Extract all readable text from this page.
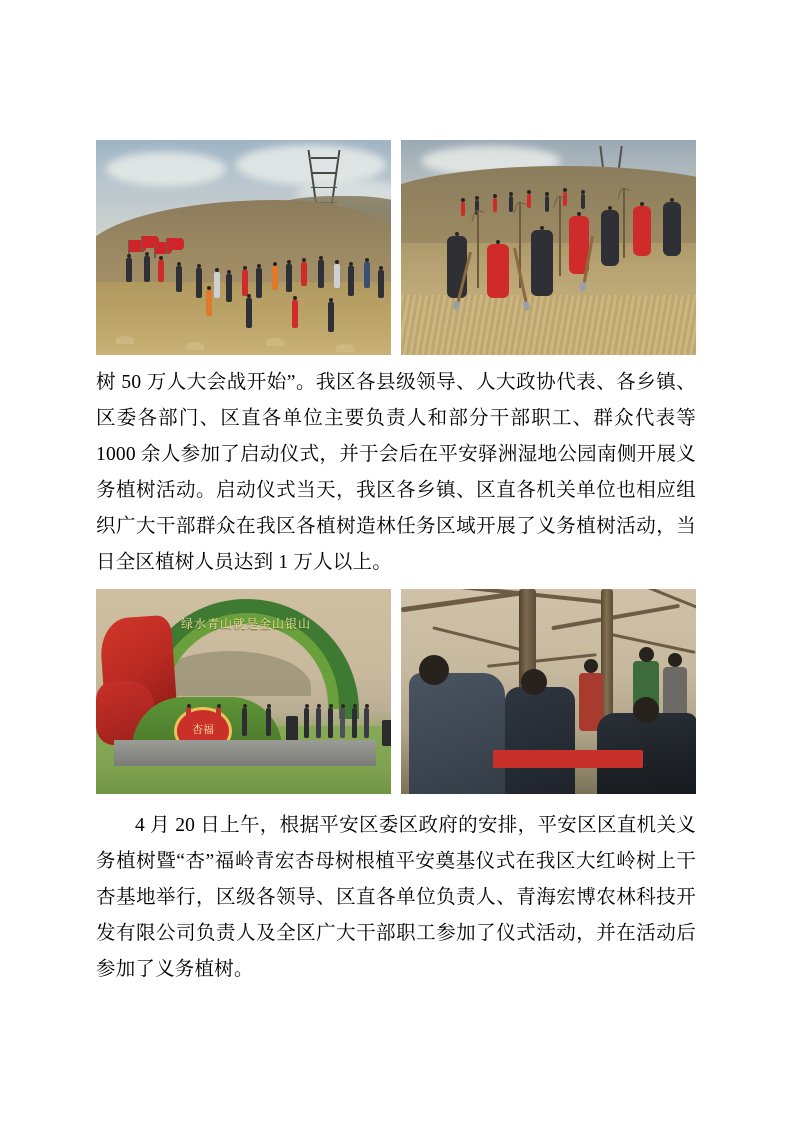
树 50 万人大会战开始”。我区各县级领导、人大政协代表、各乡镇、区委各部门、区直各单位主要负责人和部分干部职工、群众代表等 1000 余人参加了启动仪式，并于会后在平安驿洲湿地公园南侧开展义务植树活动。启动仪式当天，我区各乡镇、区直各机关单位也相应组织广大干部群众在我区各植树造林任务区域开展了义务植树活动，当日全区植树人员达到 1 万人以上。

绿水青山就是金山银山
杏福

4 月 20 日上午，根据平安区委区政府的安排，平安区区直机关义务植树暨“杏”福岭青宏杏母树根植平安奠基仪式在我区大红岭树上干杏基地举行，区级各领导、区直各单位负责人、青海宏博农林科技开发有限公司负责人及全区广大干部职工参加了仪式活动，并在活动后参加了义务植树。
